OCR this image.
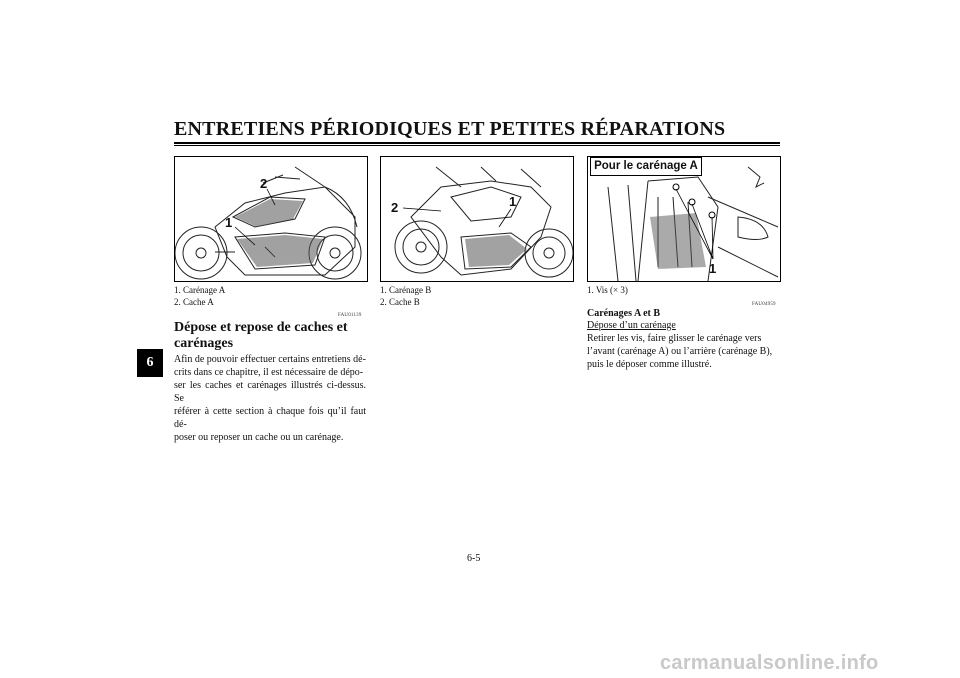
ENTRETIENS PÉRIODIQUES ET PETITES RÉPARATIONS
6
2
1
1. Carénage A
2. Cache A
2	1
1. Carénage B
2. Cache B
1
Pour le carénage A
1. Vis (× 3)
FAU01139
Dépose et repose de caches et
carénages
Afin de pouvoir effectuer certains entretiens dé-
crits dans ce chapitre, il est nécessaire de dépo-
ser les caches et carénages illustrés ci-dessus. Se
référer à cette section à chaque fois qu’il faut dé-
poser ou reposer un cache ou un carénage.
FAU04959
Carénages A et B
Dépose d’un carénage
Retirer les vis, faire glisser le carénage vers
l’avant (carénage A) ou l’arrière (carénage B),
puis le déposer comme illustré.
6-5
carmanualsonline.info
